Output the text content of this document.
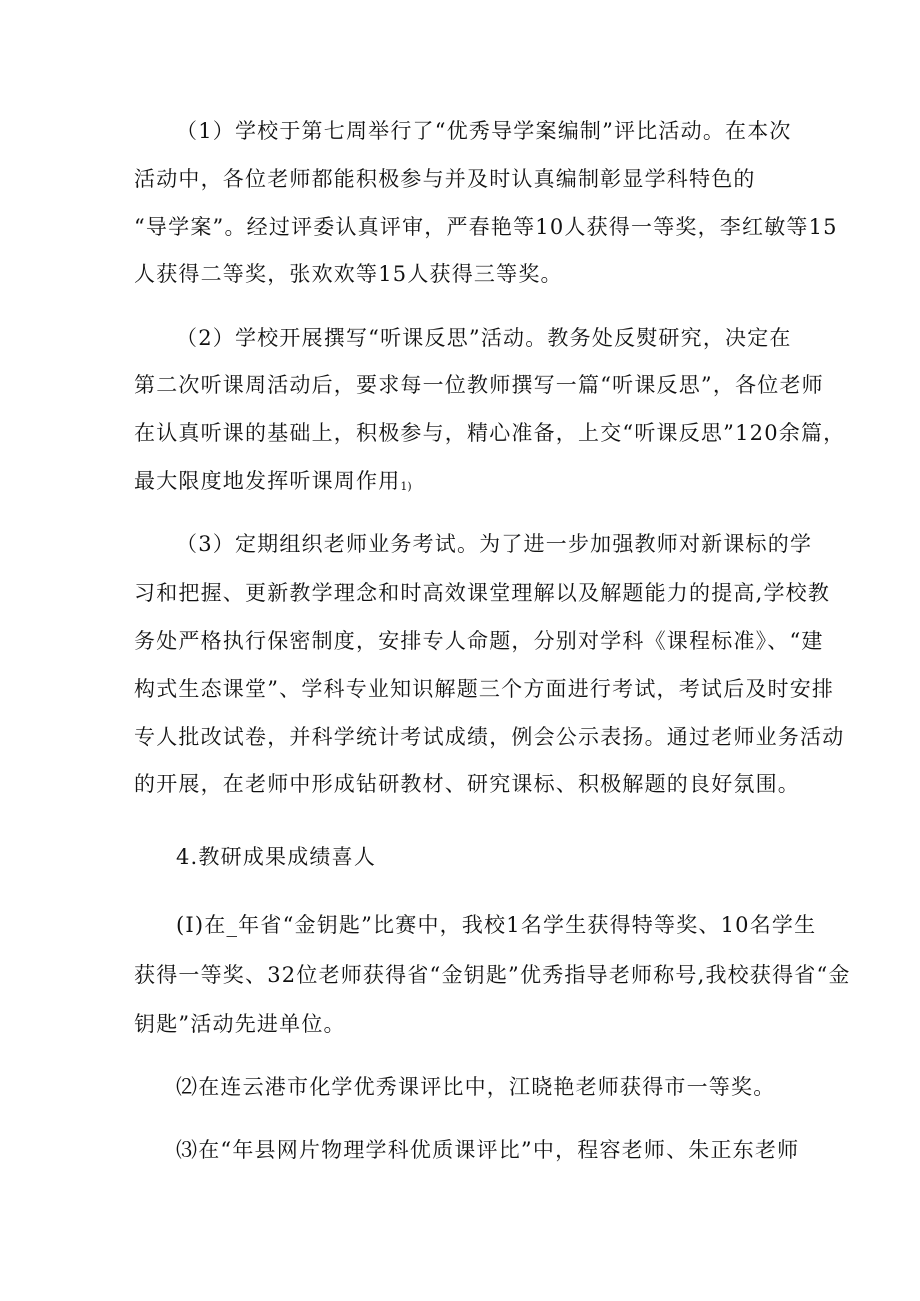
（1）学校于第七周举行了“优秀导学案编制”评比活动。在本次
活动中，各位老师都能积极参与并及时认真编制彰显学科特色的
“导学案”。经过评委认真评审，严春艳等10人获得一等奖，李红敏等15
人获得二等奖，张欢欢等15人获得三等奖。
（2）学校开展撰写“听课反思”活动。教务处反熨研究，决定在
第二次听课周活动后，要求每一位教师撰写一篇“听课反思”，各位老师
在认真听课的基础上，积极参与，精心准备，上交“听课反思”120余篇，
最大限度地发挥听课周作用1)
（3）定期组织老师业务考试。为了进一步加强教师对新课标的学
习和把握、更新教学理念和时高效课堂理解以及解题能力的提高,学校教
务处严格执行保密制度，安排专人命题，分别对学科《课程标准》、“建
构式生态课堂”、学科专业知识解题三个方面进行考试，考试后及时安排
专人批改试卷，并科学统计考试成绩，例会公示表扬。通过老师业务活动
的开展，在老师中形成钻研教材、研究课标、积极解题的良好氛围。
4.教研成果成绩喜人
(I)在_年省“金钥匙”比赛中，我校1名学生获得特等奖、10名学生
获得一等奖、32位老师获得省“金钥匙”优秀指导老师称号,我校获得省“金
钥匙”活动先进单位。
⑵在连云港市化学优秀课评比中，江晓艳老师获得市一等奖。
⑶在“年县网片物理学科优质课评比”中，程容老师、朱正东老师
